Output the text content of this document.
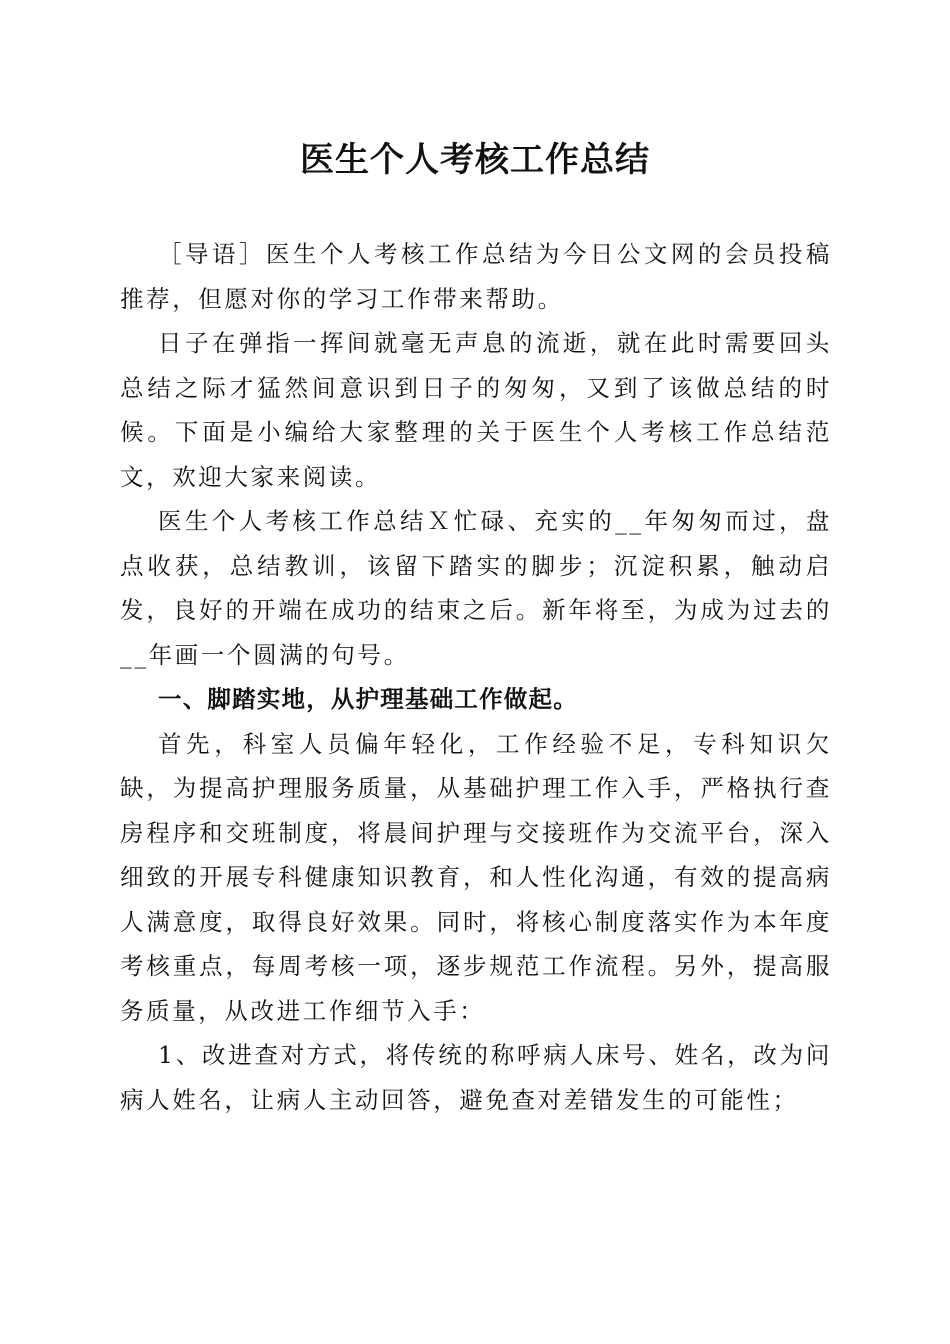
医生个人考核工作总结

［导语］医生个人考核工作总结为今日公文网的会员投稿推荐，但愿对你的学习工作带来帮助。

日子在弹指一挥间就毫无声息的流逝，就在此时需要回头总结之际才猛然间意识到日子的匆匆，又到了该做总结的时候。下面是小编给大家整理的关于医生个人考核工作总结范文，欢迎大家来阅读。

医生个人考核工作总结Ｘ忙碌、充实的__年匆匆而过，盘点收获，总结教训，该留下踏实的脚步；沉淀积累，触动启发，良好的开端在成功的结束之后。新年将至，为成为过去的__年画一个圆满的句号。

一、脚踏实地，从护理基础工作做起。

首先，科室人员偏年轻化，工作经验不足，专科知识欠缺，为提高护理服务质量，从基础护理工作入手，严格执行查房程序和交班制度，将晨间护理与交接班作为交流平台，深入细致的开展专科健康知识教育，和人性化沟通，有效的提高病人满意度，取得良好效果。同时，将核心制度落实作为本年度考核重点，每周考核一项，逐步规范工作流程。另外，提高服务质量，从改进工作细节入手：

1、改进查对方式，将传统的称呼病人床号、姓名，改为问病人姓名，让病人主动回答，避免查对差错发生的可能性；
